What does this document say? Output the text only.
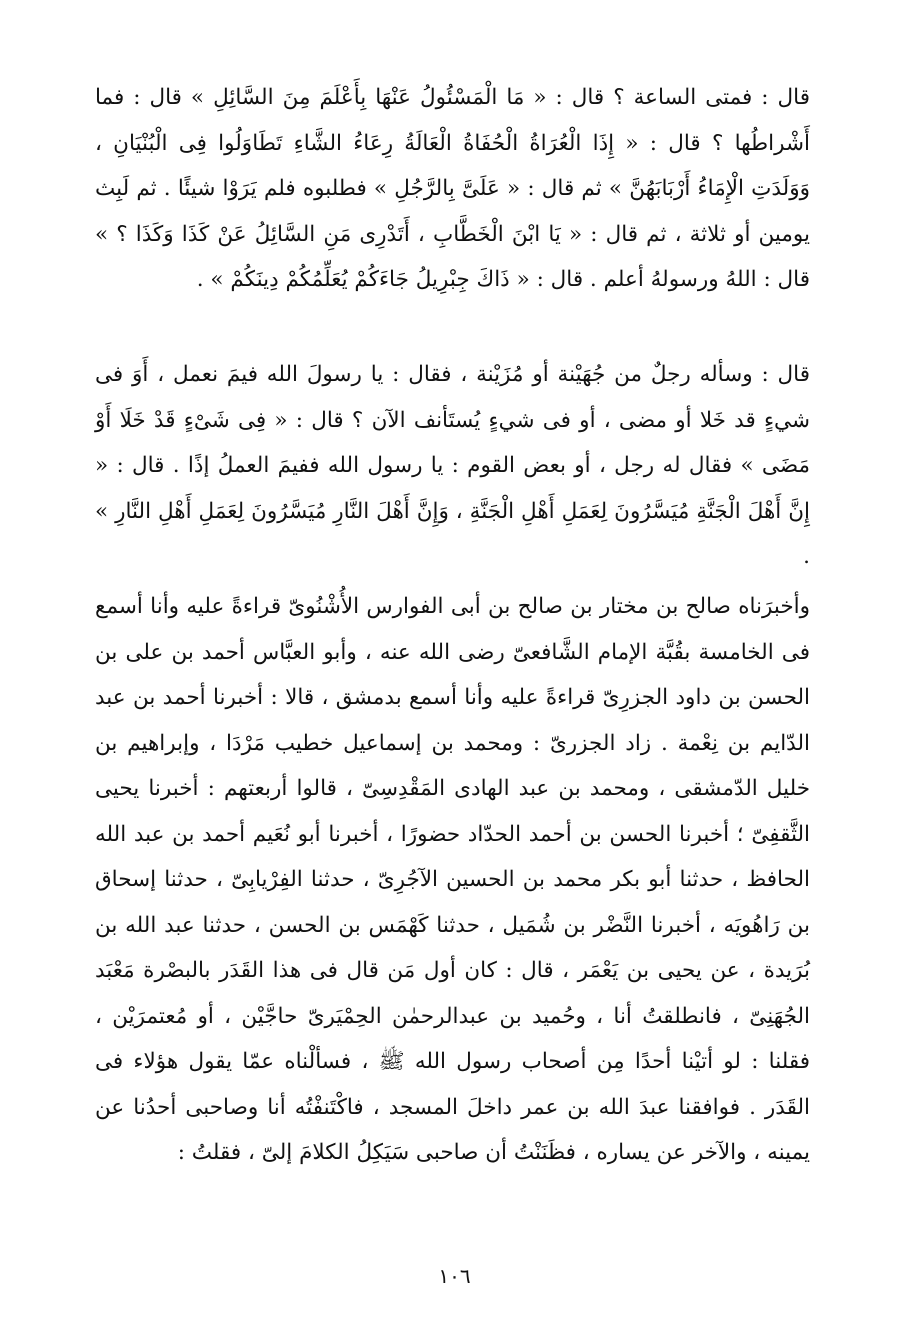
قال : فمتى الساعة ؟ قال : « مَا الْمَسْئُولُ عَنْهَا بِأَعْلَمَ مِنَ السَّائِلِ » قال : فما أَشْراطُها ؟ قال : « إِذَا الْعُرَاةُ الْحُفَاةُ الْعَالَةُ رِعَاءُ الشَّاءِ تَطَاوَلُوا فِى الْبُنْيَانِ ، وَوَلَدَتِ الْإِمَاءُ أَرْبَابَهُنَّ » ثم قال : « عَلَىَّ بِالرَّجُلِ » فطلبوه فلم يَرَوْا شيئًا . ثم لَبِث يومين أو ثلاثة ، ثم قال : « يَا ابْنَ الْخَطَّابِ ، أَتَدْرِى مَنِ السَّائِلُ عَنْ كَذَا وَكَذَا ؟ » قال : اللهُ ورسولهُ أعلم . قال : « ذَاكَ جِبْرِيلُ جَاءَكُمْ يُعَلِّمُكُمْ دِينَكُمْ » .

قال : وسأله رجلٌ من جُهَيْنة أو مُزَيْنة ، فقال : يا رسولَ الله فيمَ نعمل ، أَوَ فى شيءٍ قد خَلا أو مضى ، أو فى شيءٍ يُستَأنف الآن ؟ قال : « فِى شَىْءٍ قَدْ خَلَا أَوْ مَضَى » فقال له رجل ، أو بعض القوم : يا رسول الله ففيمَ العملُ إذًا . قال : « إِنَّ أَهْلَ الْجَنَّةِ مُيَسَّرُونَ لِعَمَلِ أَهْلِ الْجَنَّةِ ، وَإِنَّ أَهْلَ النَّارِ مُيَسَّرُونَ لِعَمَلِ أَهْلِ النَّارِ » .

وأخبرَناه صالح بن مختار بن صالح بن أبى الفوارس الأُشْنُوىّ قراءةً عليه وأنا أسمع فى الخامسة بقُبَّة الإمام الشَّافعىّ رضى الله عنه ، وأبو العبَّاس أحمد بن على بن الحسن بن داود الجزرِىّ قراءةً عليه وأنا أسمع بدمشق ، قالا : أخبرنا أحمد بن عبد الدّايم بن نِعْمة . زاد الجزرىّ : ومحمد بن إسماعيل خطيب مَرْدَا ، وإبراهيم بن خليل الدّمشقى ، ومحمد بن عبد الهادى المَقْدِسِىّ ، قالوا أربعتهم : أخبرنا يحيى الثَّقفِىّ ؛ أخبرنا الحسن بن أحمد الحدّاد حضورًا ، أخبرنا أبو نُعَيم أحمد بن عبد الله الحافظ ، حدثنا أبو بكر محمد بن الحسين الآجُرِىّ ، حدثنا الفِرْيابِىّ ، حدثنا إسحاق بن رَاهُويَه ، أخبرنا النَّضْر بن شُمَيل ، حدثنا كَهْمَس بن الحسن ، حدثنا عبد الله بن بُرَيدة ، عن يحيى بن يَعْمَر ، قال : كان أول مَن قال فى هذا القَدَر بالبصْرة مَعْبَد الجُهَنِىّ ، فانطلقتُ أنا ، وحُميد بن عبدالرحمٰن الحِمْيَرىّ حاجَّيْن ، أو مُعتمرَيْن ، فقلنا : لو أتيْنا أحدًا مِن أصحاب رسول الله ﷺ ، فسألْناه عمّا يقول هؤلاء فى القَدَر . فوافقنا عبدَ الله بن عمر داخلَ المسجد ، فاكْتَنفْتُه أنا وصاحبى أحدُنا عن يمينه ، والآخر عن يساره ، فظَنَنْتُ أن صاحبى سَيَكِلُ الكلامَ إلىّ ، فقلتُ :

١٠٦
